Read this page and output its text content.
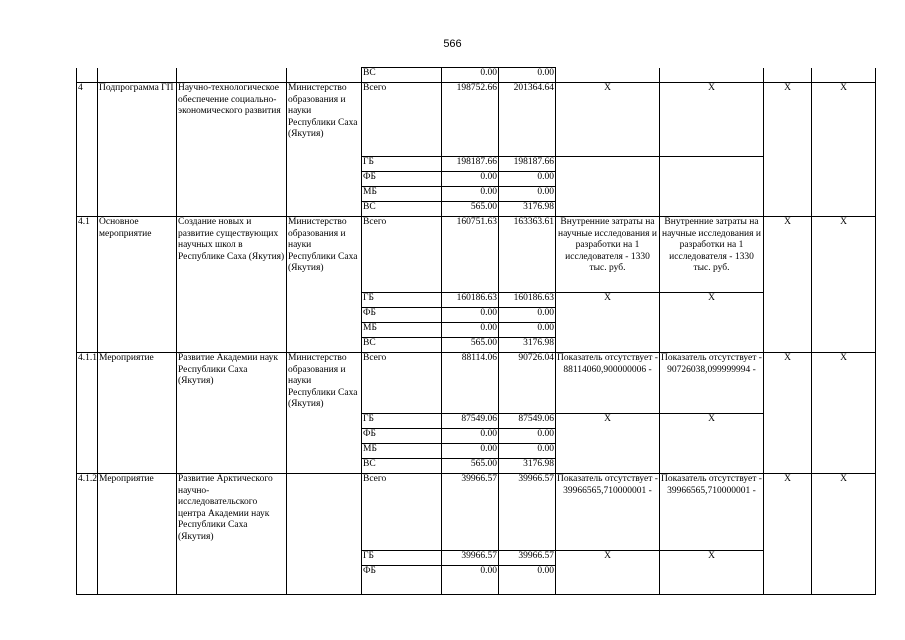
566
				ВС	0.00	0.00				
4	Подпрограмма ГП	Научно-технологическое обеспечение социально-экономического развития	Министерство образования и науки Республики Саха (Якутия)	Всего	198752.66	201364.64	X	X	X	X
				ГБ	198187.66	198187.66				
				ФБ	0.00	0.00				
				МБ	0.00	0.00				
				ВС	565.00	3176.98				
4.1	Основное мероприятие	Создание новых и развитие существующих научных школ в Республике Саха (Якутия)	Министерство образования и науки Республики Саха (Якутия)	Всего	160751.63	163363.61	Внутренние затраты на научные исследования и разработки на 1 исследователя - 1330 тыс. руб.	Внутренние затраты на научные исследования и разработки на 1 исследователя - 1330 тыс. руб.	X	X
				ГБ	160186.63	160186.63	X	X		
				ФБ	0.00	0.00				
				МБ	0.00	0.00				
				ВС	565.00	3176.98				
4.1.1	Мероприятие	Развитие Академии наук Республики Саха (Якутия)	Министерство образования и науки Республики Саха (Якутия)	Всего	88114.06	90726.04	Показатель отсутствует - 88114060,900000006 -	Показатель отсутствует - 90726038,099999994 -	X	X
				ГБ	87549.06	87549.06	X	X		
				ФБ	0.00	0.00				
				МБ	0.00	0.00				
				ВС	565.00	3176.98				
4.1.2	Мероприятие	Развитие Арктического научно-исследовательского центра Академии наук Республики Саха (Якутия)		Всего	39966.57	39966.57	Показатель отсутствует - 39966565,710000001 -	Показатель отсутствует - 39966565,710000001 -	X	X
				ГБ	39966.57	39966.57	X	X		
				ФБ	0.00	0.00				
